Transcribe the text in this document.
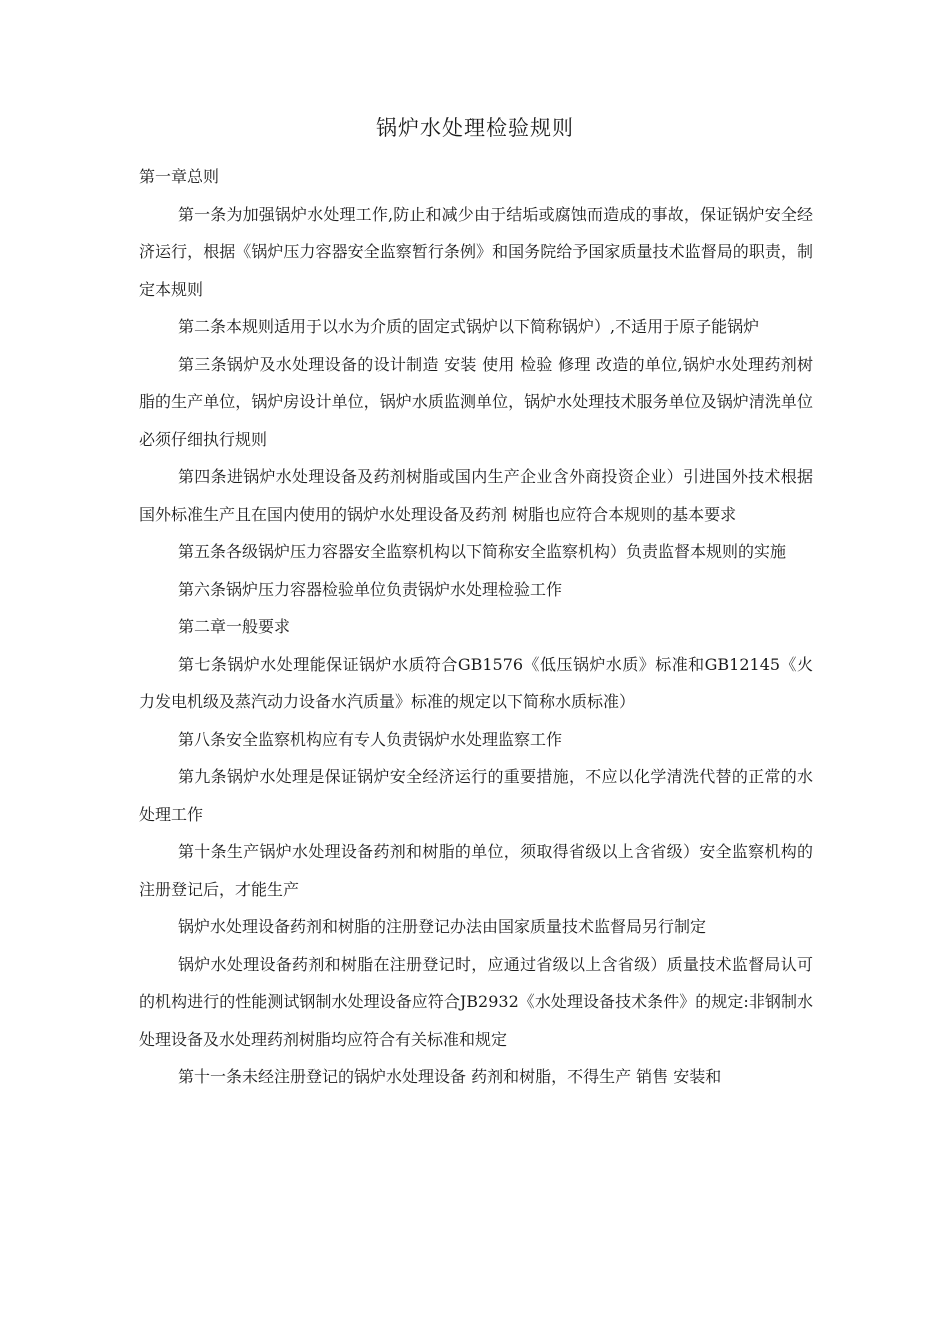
锅炉水处理检验规则

第一章总则

第一条为加强锅炉水处理工作,防止和减少由于结垢或腐蚀而造成的事故，保证锅炉安全经济运行，根据《锅炉压力容器安全监察暂行条例》和国务院给予国家质量技术监督局的职责，制定本规则

第二条本规则适用于以水为介质的固定式锅炉以下简称锅炉）,不适用于原子能锅炉

第三条锅炉及水处理设备的设计制造 安装 使用 检验 修理 改造的单位,锅炉水处理药剂树脂的生产单位，锅炉房设计单位，锅炉水质监测单位，锅炉水处理技术服务单位及锅炉清洗单位必须仔细执行规则

第四条进锅炉水处理设备及药剂树脂或国内生产企业含外商投资企业）引进国外技术根据国外标准生产且在国内使用的锅炉水处理设备及药剂 树脂也应符合本规则的基本要求

第五条各级锅炉压力容器安全监察机构以下简称安全监察机构）负责监督本规则的实施

第六条锅炉压力容器检验单位负责锅炉水处理检验工作

第二章一般要求

第七条锅炉水处理能保证锅炉水质符合GB1576《低压锅炉水质》标准和GB12145《火力发电机级及蒸汽动力设备水汽质量》标准的规定以下简称水质标准）

第八条安全监察机构应有专人负责锅炉水处理监察工作

第九条锅炉水处理是保证锅炉安全经济运行的重要措施，不应以化学清洗代替的正常的水处理工作

第十条生产锅炉水处理设备药剂和树脂的单位，须取得省级以上含省级）安全监察机构的注册登记后，才能生产

锅炉水处理设备药剂和树脂的注册登记办法由国家质量技术监督局另行制定

锅炉水处理设备药剂和树脂在注册登记时，应通过省级以上含省级）质量技术监督局认可的机构进行的性能测试钢制水处理设备应符合JB2932《水处理设备技术条件》的规定:非钢制水处理设备及水处理药剂树脂均应符合有关标准和规定

第十一条未经注册登记的锅炉水处理设备 药剂和树脂，不得生产 销售 安装和
